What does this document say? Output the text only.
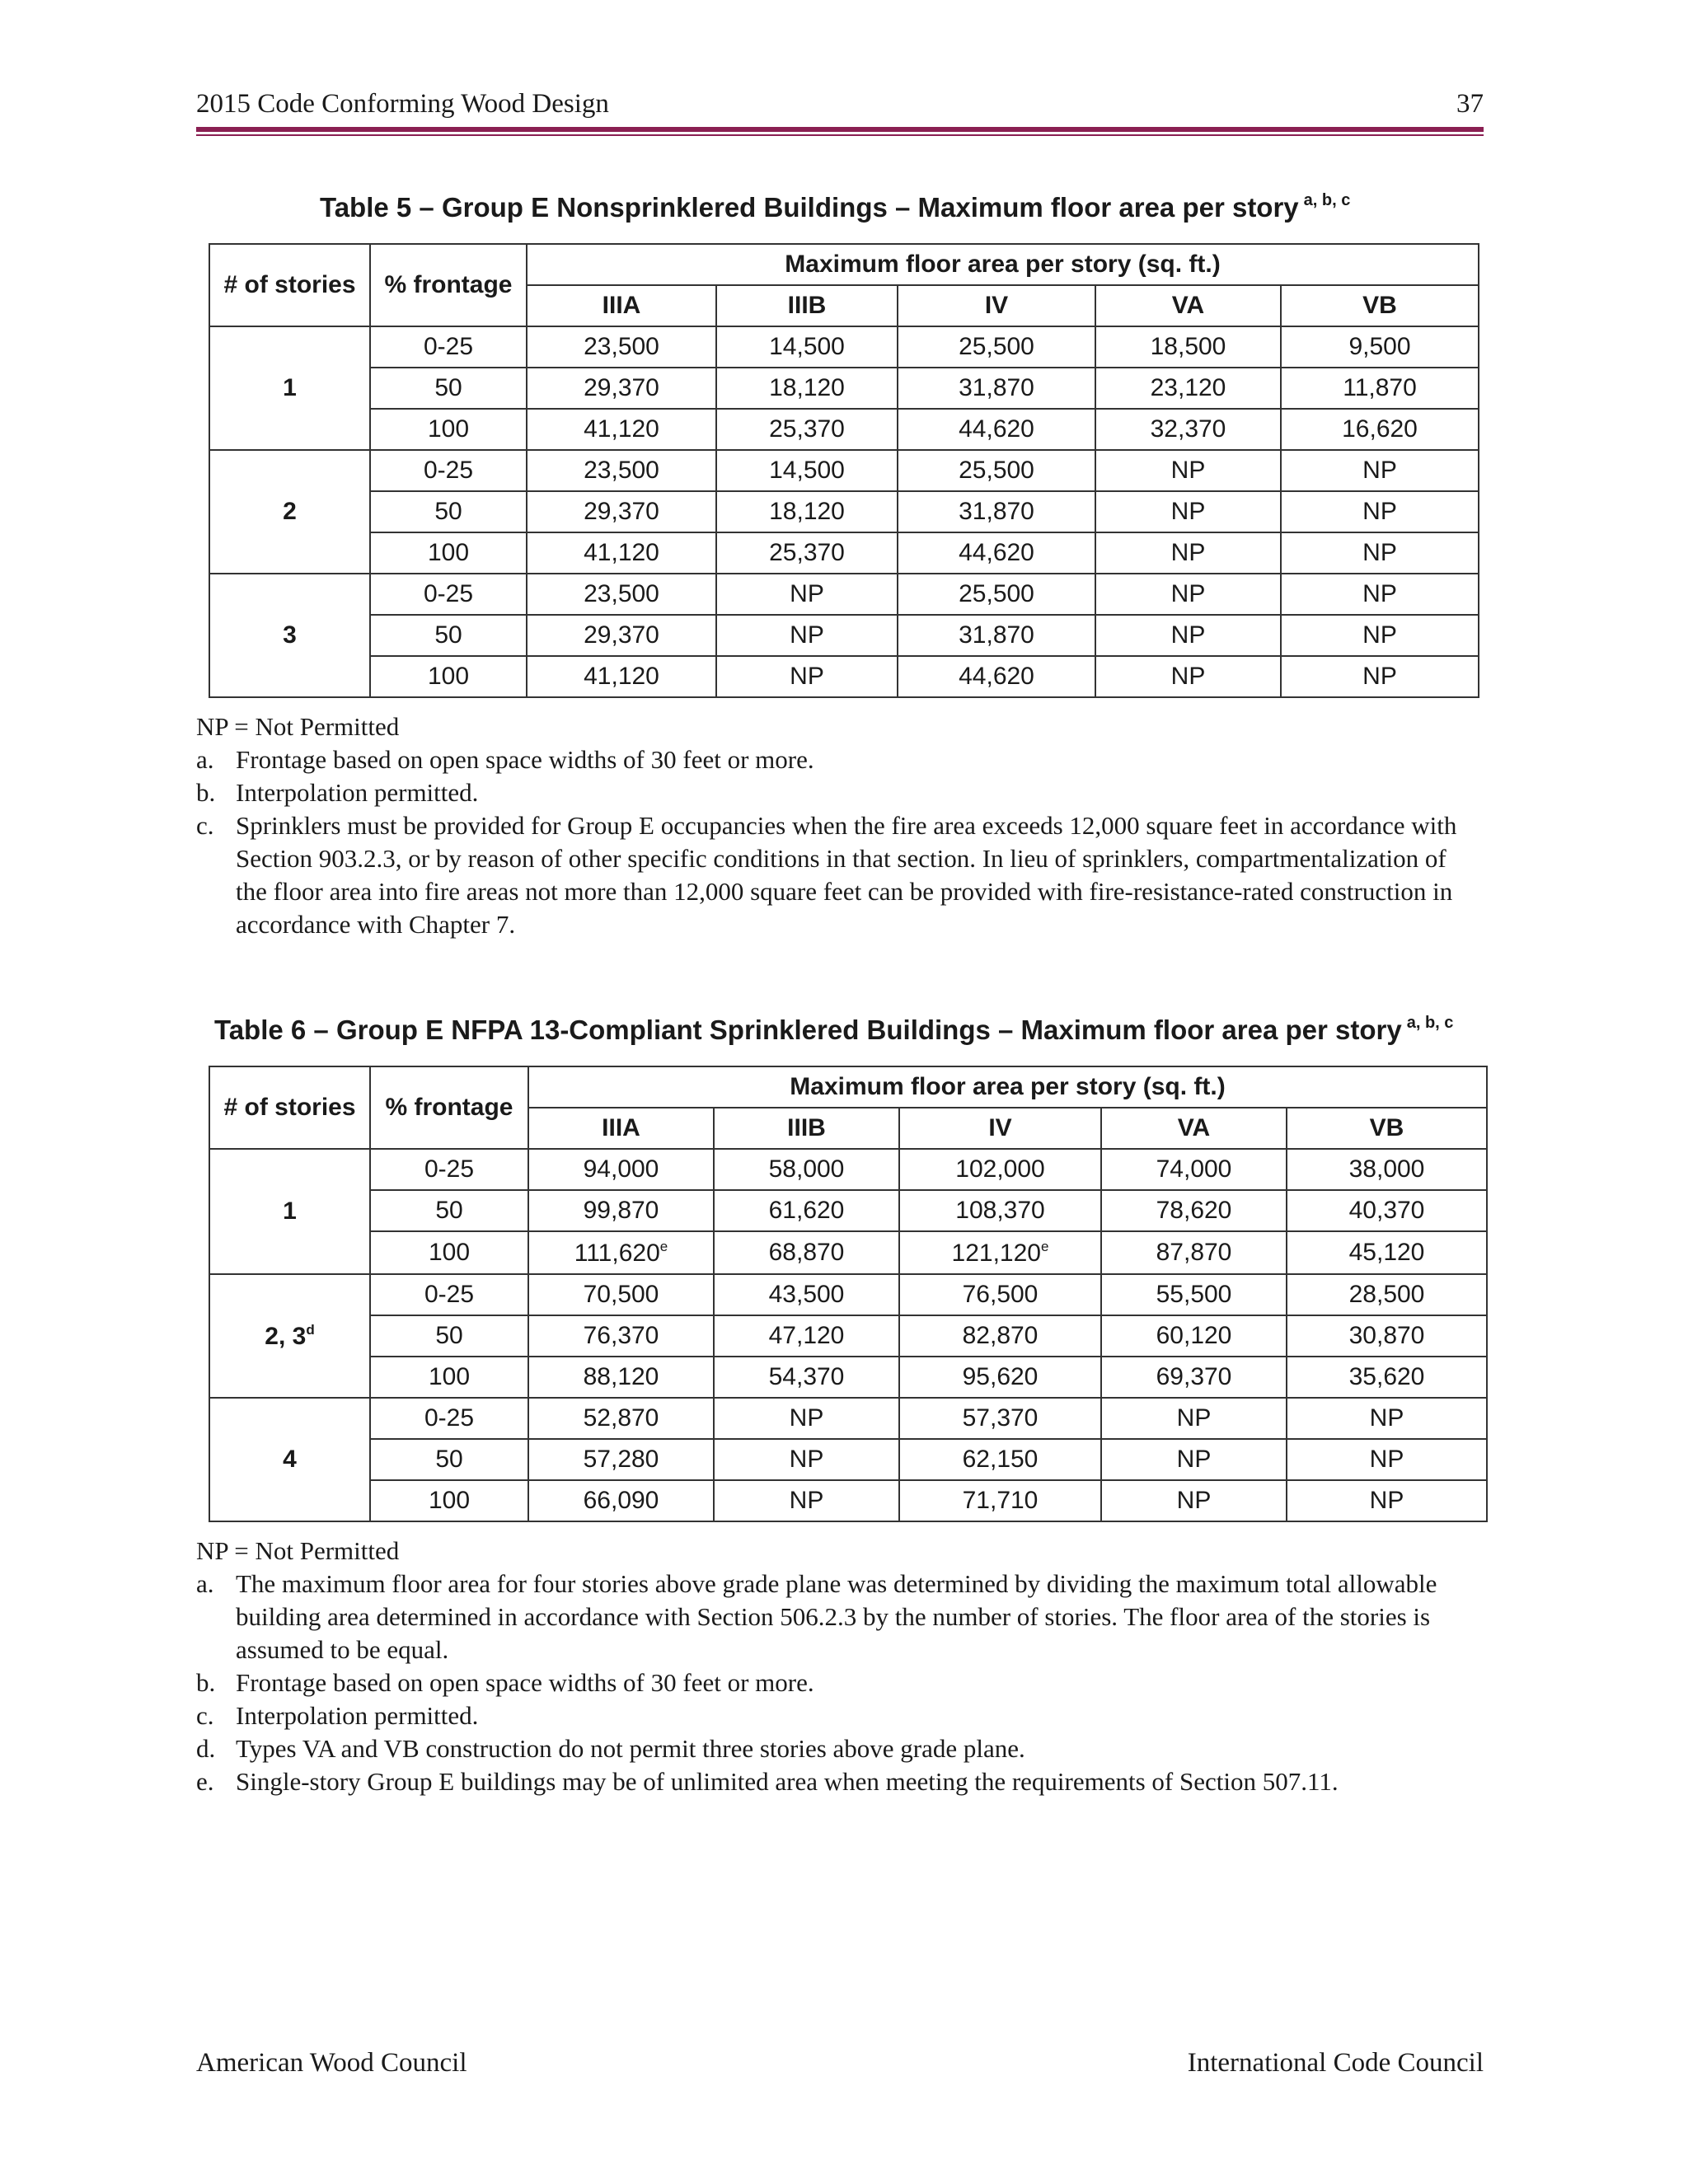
2015 Code Conforming Wood Design	37
Table 5 – Group E Nonsprinklered Buildings – Maximum floor area per story $^{a, b, c}$
# of stories	% frontage	Maximum floor area per story (sq. ft.)				
		IIIA	IIIB	IV	VA	VB
1	0-25	23,500	14,500	25,500	18,500	9,500
	50	29,370	18,120	31,870	23,120	11,870
	100	41,120	25,370	44,620	32,370	16,620
2	0-25	23,500	14,500	25,500	NP	NP
	50	29,370	18,120	31,870	NP	NP
	100	41,120	25,370	44,620	NP	NP
3	0-25	23,500	NP	25,500	NP	NP
	50	29,370	NP	31,870	NP	NP
	100	41,120	NP	44,620	NP	NP

NP = Not Permitted

a. Frontage based on open space widths of 30 feet or more.
b. Interpolation permitted.
c. Sprinklers must be provided for Group E occupancies when the fire area exceeds 12,000 square feet in accordance with Section 903.2.3, or by reason of other specific conditions in that section. In lieu of sprinklers, compartmentalization of the floor area into fire areas not more than 12,000 square feet can be provided with fire-resistance-rated construction in accordance with Chapter 7.
Table 6 – Group E NFPA 13-Compliant Sprinklered Buildings – Maximum floor area per story $^{a, b, c}$
# of stories	% frontage	Maximum floor area per story (sq. ft.)				
		IIIA	IIIB	IV	VA	VB
1	0-25	94,000	58,000	102,000	74,000	38,000
	50	99,870	61,620	108,370	78,620	40,370
	100	111,620e	68,870	121,120e	87,870	45,120
2, 3$^d$	0-25	70,500	43,500	76,500	55,500	28,500
	50	76,370	47,120	82,870	60,120	30,870
	100	88,120	54,370	95,620	69,370	35,620
4	0-25	52,870	NP	57,370	NP	NP
	50	57,280	NP	62,150	NP	NP
	100	66,090	NP	71,710	NP	NP

NP = Not Permitted

a. The maximum floor area for four stories above grade plane was determined by dividing the maximum total allowable building area determined in accordance with Section 506.2.3 by the number of stories. The floor area of the stories is assumed to be equal.
b. Frontage based on open space widths of 30 feet or more.
c. Interpolation permitted.
d. Types VA and VB construction do not permit three stories above grade plane.
e. Single-story Group E buildings may be of unlimited area when meeting the requirements of Section 507.11.
American Wood Council	International Code Council
